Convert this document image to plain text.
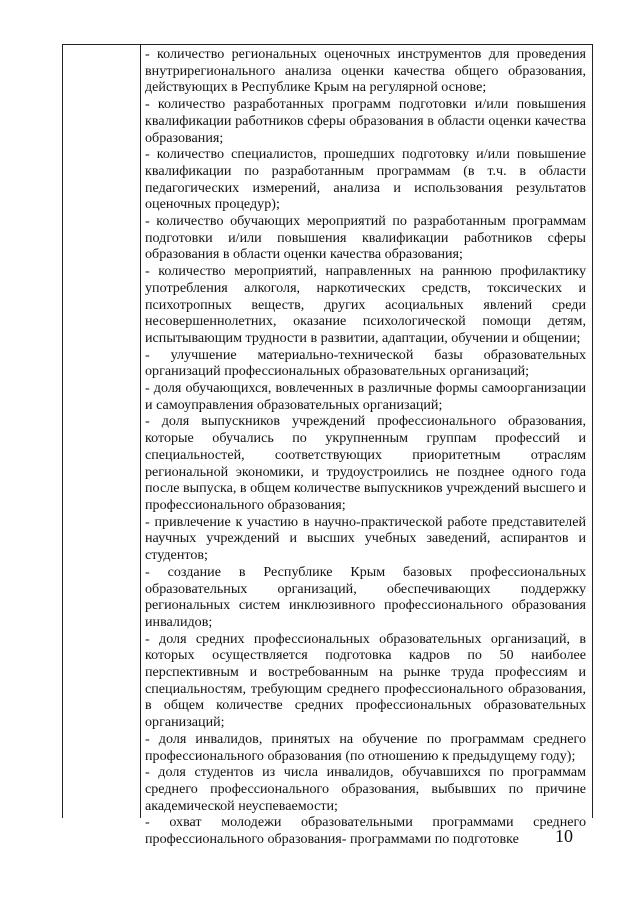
- количество региональных оценочных инструментов для проведения внутрирегионального анализа оценки качества общего образования, действующих в Республике Крым на регулярной основе;

- количество разработанных программ подготовки и/или повышения квалификации работников сферы образования в области оценки качества образования;

- количество специалистов, прошедших подготовку и/или повышение квалификации по разработанным программам (в т.ч. в области педагогических измерений, анализа и использования результатов оценочных процедур);

- количество обучающих мероприятий по разработанным программам подготовки и/или повышения квалификации работников сферы образования в области оценки качества образования;

- количество мероприятий, направленных на раннюю профилактику употребления алкоголя, наркотических средств, токсических и психотропных веществ, других асоциальных явлений среди несовершеннолетних, оказание психологической помощи детям, испытывающим трудности в развитии, адаптации, обучении и общении;

- улучшение материально-технической базы образовательных организаций профессиональных образовательных организаций;

- доля обучающихся, вовлеченных в различные формы самоорганизации и самоуправления образовательных организаций;

- доля выпускников учреждений профессионального образования, которые обучались по укрупненным группам профессий и специальностей, соответствующих приоритетным отраслям региональной экономики, и трудоустроились не позднее одного года после выпуска, в общем количестве выпускников учреждений высшего и профессионального образования;

- привлечение к участию в научно-практической работе представителей научных учреждений и высших учебных заведений, аспирантов и студентов;

- создание в Республике Крым базовых профессиональных образовательных организаций, обеспечивающих поддержку региональных систем инклюзивного профессионального образования инвалидов;

- доля средних профессиональных образовательных организаций, в которых осуществляется подготовка кадров по 50 наиболее перспективным и востребованным на рынке труда профессиям и специальностям, требующим среднего профессионального образования, в общем количестве средних профессиональных образовательных организаций;

- доля инвалидов, принятых на обучение по программам среднего профессионального образования (по отношению к предыдущему году);

- доля студентов из числа инвалидов, обучавшихся по программам среднего профессионального образования, выбывших по причине академической неуспеваемости;

- охват молодежи образовательными программами среднего профессионального образования- программами по подготовке	10
